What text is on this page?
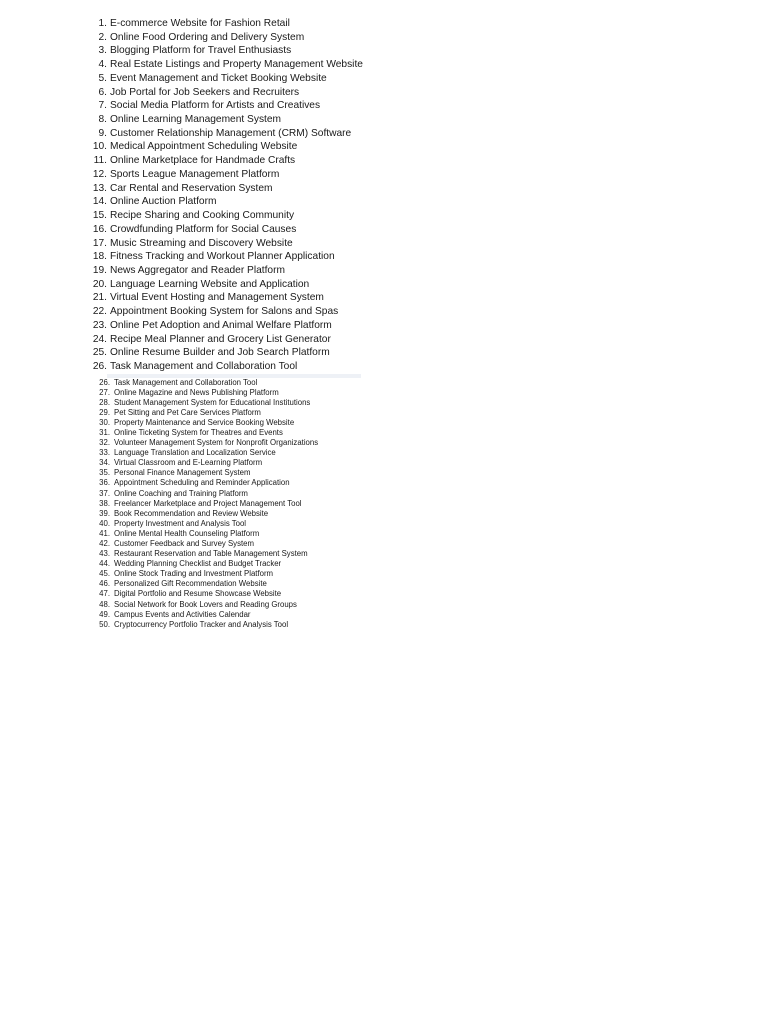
1. E-commerce Website for Fashion Retail
2. Online Food Ordering and Delivery System
3. Blogging Platform for Travel Enthusiasts
4. Real Estate Listings and Property Management Website
5. Event Management and Ticket Booking Website
6. Job Portal for Job Seekers and Recruiters
7. Social Media Platform for Artists and Creatives
8. Online Learning Management System
9. Customer Relationship Management (CRM) Software
10. Medical Appointment Scheduling Website
11. Online Marketplace for Handmade Crafts
12. Sports League Management Platform
13. Car Rental and Reservation System
14. Online Auction Platform
15. Recipe Sharing and Cooking Community
16. Crowdfunding Platform for Social Causes
17. Music Streaming and Discovery Website
18. Fitness Tracking and Workout Planner Application
19. News Aggregator and Reader Platform
20. Language Learning Website and Application
21. Virtual Event Hosting and Management System
22. Appointment Booking System for Salons and Spas
23. Online Pet Adoption and Animal Welfare Platform
24. Recipe Meal Planner and Grocery List Generator
25. Online Resume Builder and Job Search Platform
26. Task Management and Collaboration Tool
26. Task Management and Collaboration Tool
27. Online Magazine and News Publishing Platform
28. Student Management System for Educational Institutions
29. Pet Sitting and Pet Care Services Platform
30. Property Maintenance and Service Booking Website
31. Online Ticketing System for Theatres and Events
32. Volunteer Management System for Nonprofit Organizations
33. Language Translation and Localization Service
34. Virtual Classroom and E-Learning Platform
35. Personal Finance Management System
36. Appointment Scheduling and Reminder Application
37. Online Coaching and Training Platform
38. Freelancer Marketplace and Project Management Tool
39. Book Recommendation and Review Website
40. Property Investment and Analysis Tool
41. Online Mental Health Counseling Platform
42. Customer Feedback and Survey System
43. Restaurant Reservation and Table Management System
44. Wedding Planning Checklist and Budget Tracker
45. Online Stock Trading and Investment Platform
46. Personalized Gift Recommendation Website
47. Digital Portfolio and Resume Showcase Website
48. Social Network for Book Lovers and Reading Groups
49. Campus Events and Activities Calendar
50. Cryptocurrency Portfolio Tracker and Analysis Tool
